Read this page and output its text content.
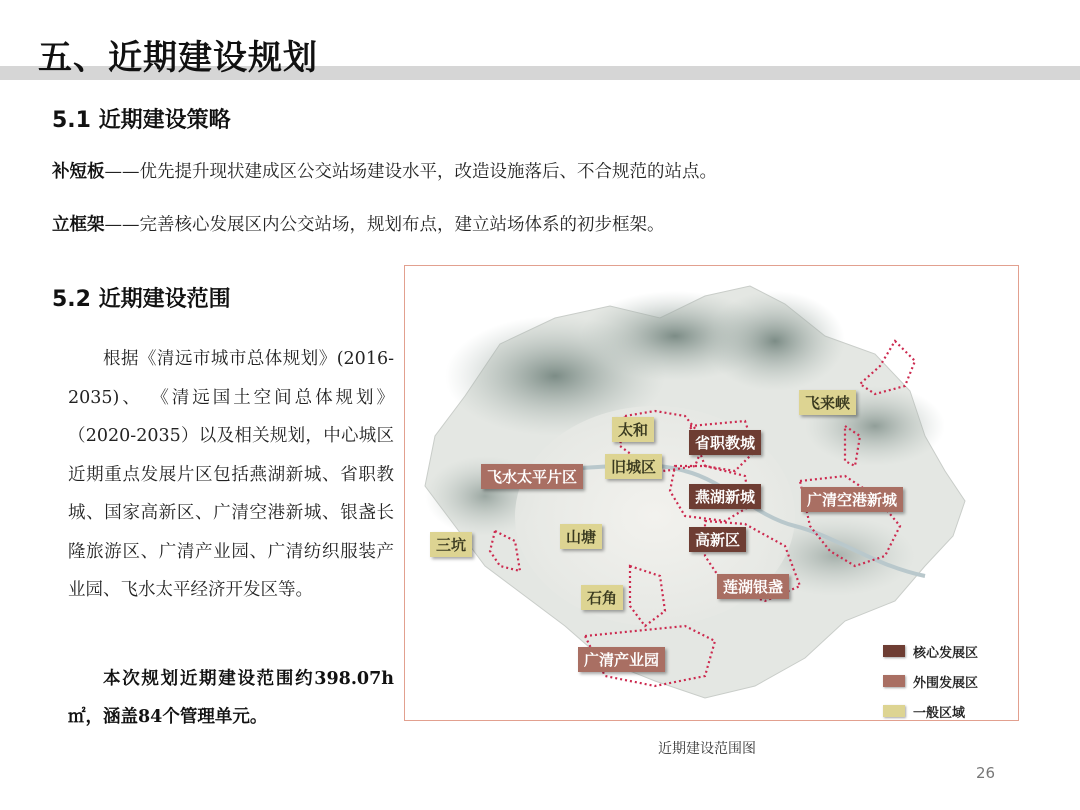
五、近期建设规划
5.1 近期建设策略
补短板——优先提升现状建成区公交站场建设水平，改造设施落后、不合规范的站点。
立框架——完善核心发展区内公交站场，规划布点，建立站场体系的初步框架。
5.2 近期建设范围
根据《清远市城市总体规划》(2016-2035)、 《清远国土空间总体规划》（2020-2035）以及相关规划，中心城区近期重点发展片区包括燕湖新城、省职教城、国家高新区、广清空港新城、银盏长隆旅游区、广清产业园、广清纺织服装产业园、飞水太平经济开发区等。
本次规划近期建设范围约398.07h㎡，涵盖84个管理单元。
飞来峡
太和
省职教城
旧城区
飞水太平片区
燕湖新城	广清空港新城
三坑	山塘	高新区
莲湖银盏
石角
广清产业园	核心发展区
外围发展区
一般区域
近期建设范围图
26
